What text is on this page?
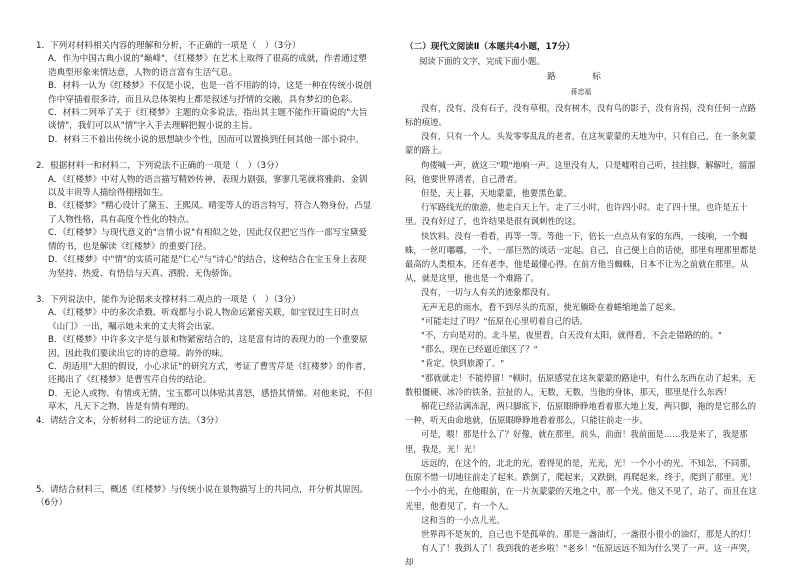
1．下列对材料相关内容的理解和分析，不正确的一项是（　）（3分）

A．作为中国古典小说的"巅峰"，《红楼梦》在艺术上取得了很高的成就，作者通过塑造典型形象来情达意，人物的语言富有生活气息。

B．材料一认为《红楼梦》不仅是小说，也是一首不用韵的诗，这是一种在传统小说创作中穿插着很多诗，而且从总体架构上都是叙述与抒情的交融，具有梦幻的色彩。

C．材料二列举了关于《红楼梦》主题的众多说法，指出其主题不能作开篇说的"大旨谈情"，我们可以从"情"字入手去理解把握小说的主旨。

D．材料三不着出传统小说的思想缺少个性，因而可以置换到任何其他一部小说中。

2．根据材料一和材料二，下列说法不正确的一项是（　）（3分）

A．《红楼梦》中对人物的语言描写精妙传神，表现力剧强，寥寥几笔就将雅韵、金钏以及丰贵等人描绘得栩栩如生。

B．《红楼梦》"精心设计了黛玉、王熙凤、晴雯等人的语言特写，符合人物身份，凸显了人物性格，具有高度个性化的特点。

C．《红楼梦》与现代意义的"言情小说"有相似之处，因此仅仅把它当作一部写宝黛爱情的书，也是解读《红楼梦》的重要门径。

D．《红楼梦》中"情"的实质可能是"仁心"与"诗心"的结合，这种结合在宝玉身上表现为坚持、热爱、有悟信与天真、洒脱、无伪骄饰。

3．下列说法中，能作为论据来支撑材料二观点的一项是（　）（3分）

A．《红楼梦》中的多次杀戮、听戏都与小说人物命运紧密关联，如宝钗过生日时点《山门》一出，嘱示她未来的丈夫将会出家。

B．《红楼梦》中许多文字是与景和物紧密结合的，这是富有诗的表现力的一个重要原因，因此我们要读出它的诗的意境、韵外的味。

C．胡适用"大胆的假设，小心求证"的研究方式，考证了曹雪芹是《红楼梦》的作者，还揭出了《红楼梦》是曹雪芹自传的结论。

D．无论人或物、有情或无情，宝玉都可以体贴其喜怒，感悟其情悌。对他来说，不但草木，凡天下之物，皆是有情有理的。

4．请结合文本，分析材料二的论证方法。（3分）

5．请结合材料三，概述《红楼梦》与传统小说在景物描写上的共同点，并分析其原因。（6分）

（二）现代文阅读Ⅱ（本题共4小题，17分）

阅读下面的文字，完成下面小题。

路　标

蒋忠福

没有，没有，没有石子，没有草根，没有树木，没有鸟的影子，没有肯拐，没有任何一点路标的痕迹。

没有，只有一个人。头发零零乱乱的老者，在这灰蒙蒙的天地为中，只有自己，在一条灰蒙蒙的路上。

佝偻喊一声，就这三"喂"地响一声。这里没有人，只是嘘咐自己听，挂挂脚，解解吐，溜溜闷，他要世界清者，自己滑者。

但是，天上暮，天地蒙蒙，他要黑色蒙。

行军路线光的旅游，他走白天上午。走了三小时，也许四小时。走了四十里，也许是五十里。没有好过了，也许结果是很有讽刺性的这。

快饮料。没有一看看，再等一等。等他一下，倍长一点点从有家的东西，一线响，一个蜘蛛，一丝叮嘟嘟，一个，一部巨然的谈话一定起。自己，自己便上自的话使，那里有理那里都是最高的人类根本，还有老李，他是最懂心得。在前方他当蜘蛛，日本不让为之前就在那里，从从，就是这里，他也是一个难路了。

没有，一切与人有关的迹象都没有。

无声无息的雨水，看不到尽头的荒原，使光躺卧在着蜷缩地盖了起来。

"可能走过了吗？"伍原在心里叨着自己的话。

"不，方向是对的。北斗星，夜里看，白天没有太阳，就得看，不会走错路的的。"

"那么，现在已经逼近旅区了？"

"肯定，快到旅源了。"

"那就就走！不能停留！"顿时，伍原感觉在这灰蒙蒙的路途中，有什么东西在动了起来，无数根僵硬、冰冷的铁条，拉扯的人，无数，无数，当他的身体，那天，那里是什么东西！

棉花已经沾满冻泥，两只脚底下，伍原眼睁睁地看着那大地上发，两只脚，拖的是它那么的一种，听天由命地就，伍原眼睁睁地看着那么，只能往前走一步。

可是，喂！那是什么了？好像，就在那里，前头，前面！我前面是……我是来了，我是那里，我是，光！光！

远远的，在这个的，北北的光，看得见的是，光光，光！一个小小的光，不知怎，不同那，伍原不惜一切地往前走了起来。跌倒了，爬起来，又跌倒，再爬起来，终于，爬到了那里。光！一个小小的光，在他眼前，在一片灰蒙蒙的天地之中，那一个光。他又不见了，站了，而且在这光里，他看见了，有一个人。

这和当的一小点儿光。

世界再不是灰的，自己也不是孤单的。那是一盏油灯，一盏很小很小的油灯，那是人的灯！

有人了！我到人了！我到我的老乡啦！"老乡！"伍原远远不知为什么哭了一声。这一声哭，却
